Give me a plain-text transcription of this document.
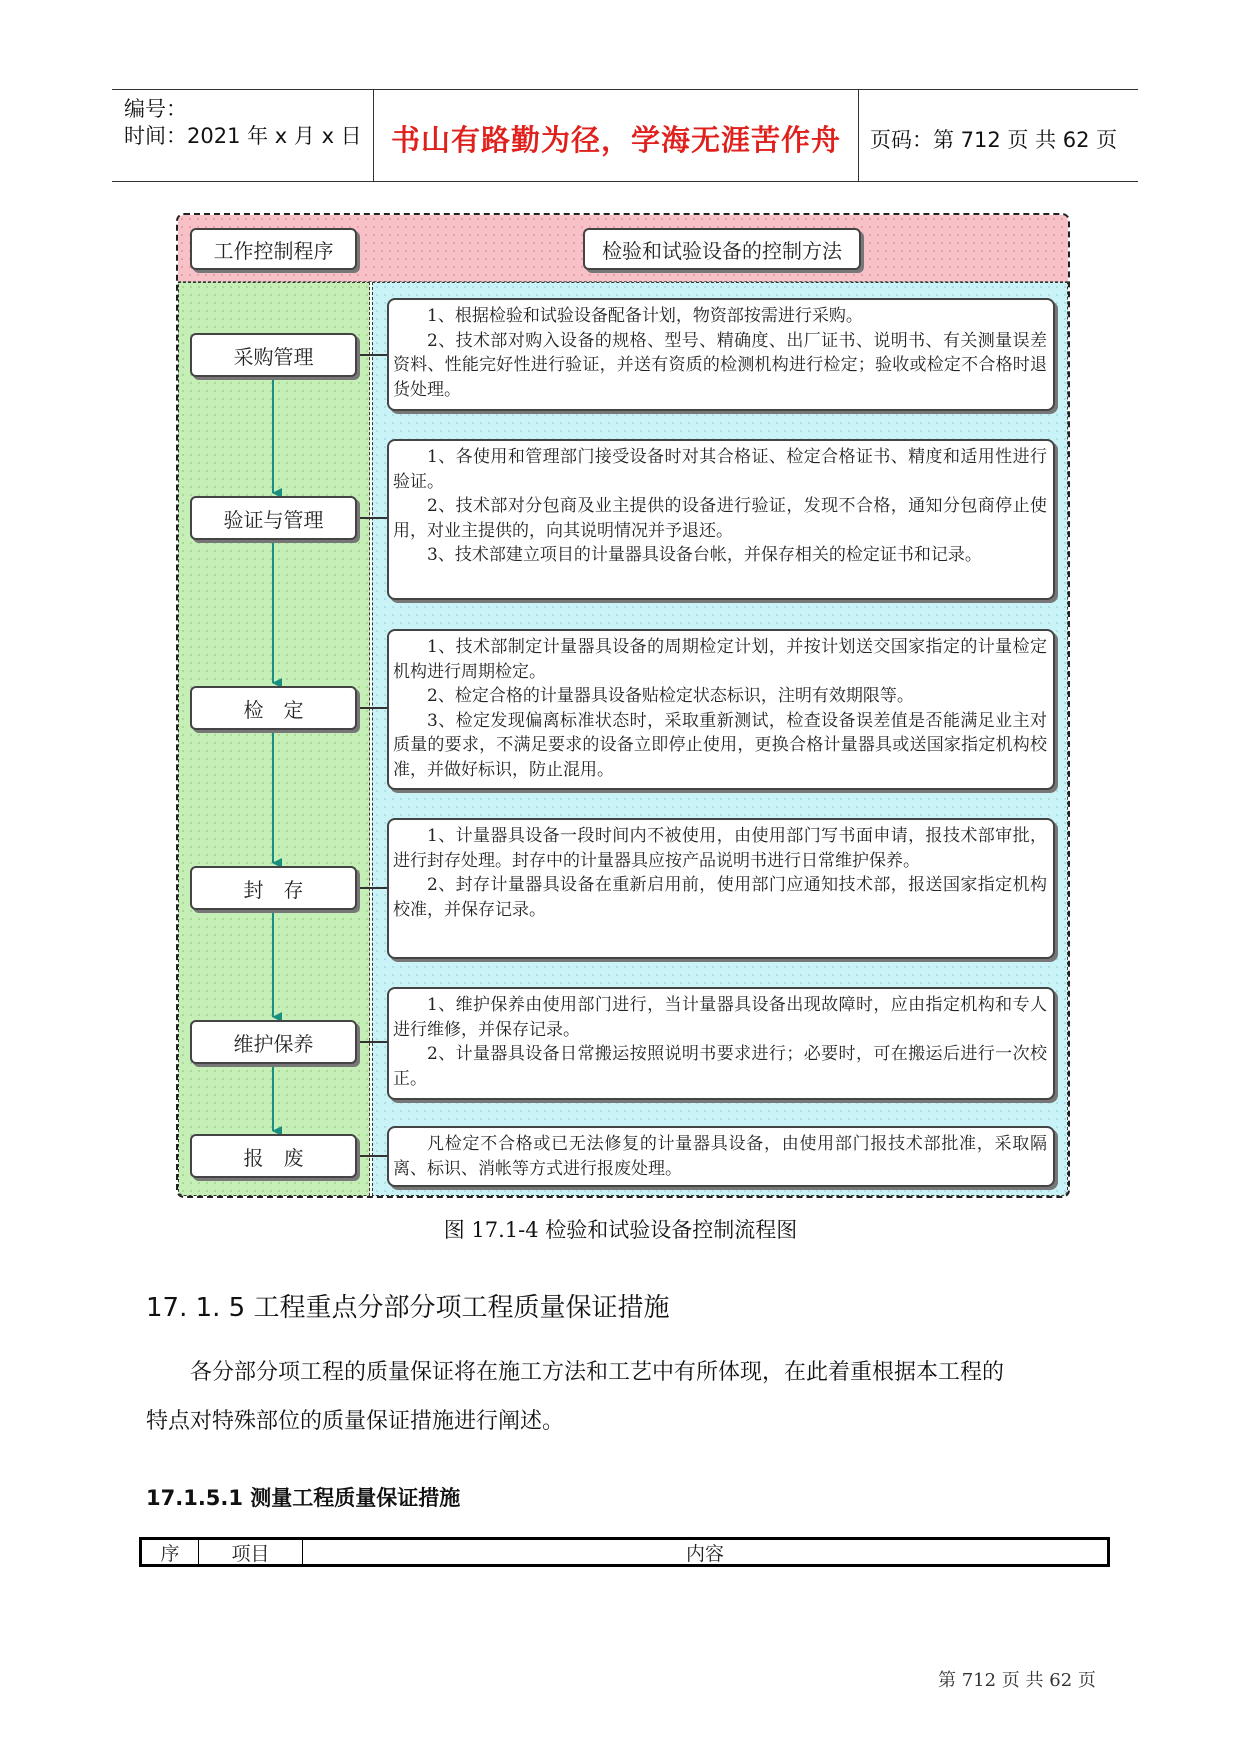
编号：
时间：2021 年 x 月 x 日	书山有路勤为径，学海无涯苦作舟	页码：第 712 页 共 62 页
工作控制程序	检验和试验设备的控制方法
采购管理

1、根据检验和试验设备配备计划，物资部按需进行采购。

2、技术部对购入设备的规格、型号、精确度、出厂证书、说明书、有关测量误差资料、性能完好性进行验证，并送有资质的检测机构进行检定；验收或检定不合格时退货处理。

验证与管理

1、各使用和管理部门接受设备时对其合格证、检定合格证书、精度和适用性进行验证。

2、技术部对分包商及业主提供的设备进行验证，发现不合格，通知分包商停止使用，对业主提供的，向其说明情况并予退还。

3、技术部建立项目的计量器具设备台帐，并保存相关的检定证书和记录。

检　定

1、技术部制定计量器具设备的周期检定计划，并按计划送交国家指定的计量检定机构进行周期检定。

2、检定合格的计量器具设备贴检定状态标识，注明有效期限等。

3、检定发现偏离标准状态时，采取重新测试，检查设备误差值是否能满足业主对质量的要求，不满足要求的设备立即停止使用，更换合格计量器具或送国家指定机构校准，并做好标识，防止混用。

封　存

1、计量器具设备一段时间内不被使用，由使用部门写书面申请，报技术部审批，进行封存处理。封存中的计量器具应按产品说明书进行日常维护保养。

2、封存计量器具设备在重新启用前，使用部门应通知技术部，报送国家指定机构校准，并保存记录。

维护保养

1、维护保养由使用部门进行，当计量器具设备出现故障时，应由指定机构和专人进行维修，并保存记录。

2、计量器具设备日常搬运按照说明书要求进行；必要时，可在搬运后进行一次校正。

报　废

凡检定不合格或已无法修复的计量器具设备，由使用部门报技术部批准，采取隔离、标识、消帐等方式进行报废处理。

图 17.1-4 检验和试验设备控制流程图
17. 1. 5 工程重点分部分项工程质量保证措施
各分部分项工程的质量保证将在施工方法和工艺中有所体现，在此着重根据本工程的
特点对特殊部位的质量保证措施进行阐述。
17.1.5.1 测量工程质量保证措施
序	项目	内容
第 712 页 共 62 页
